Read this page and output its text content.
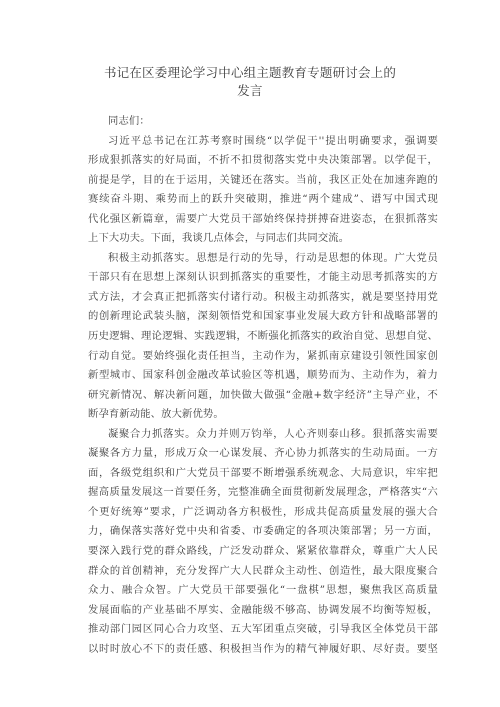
书记在区委理论学习中心组主题教育专题研讨会上的
发言
同志们：
习近平总书记在江苏考察时围绕“以学促干''提出明确要求，强调要
形成狠抓落实的好局面，不折不扣贯彻落实党中央决策部署。以学促干，
前提是学，目的在于运用，关键还在落实。当前，我区正处在加速奔跑的
赛续奋斗期、乘势而上的跃升突破期，推进“两个建成”、谱写中国式现
代化强区新篇章，需要广大党员干部始终保持拼搏奋进姿态，在狠抓落实
上下大功夫。下面，我谈几点体会，与同志们共同交流。
积极主动抓落实。思想是行动的先导，行动是思想的体现。广大党员
干部只有在思想上深刻认识到抓落实的重要性，才能主动思考抓落实的方
式方法，才会真正把抓落实付诸行动。积极主动抓落实，就是要坚持用党
的创新理论武装头脑，深刻领悟党和国家事业发展大政方针和战略部署的
历史逻辑、理论逻辑、实践逻辑，不断强化抓落实的政治自觉、思想自觉、
行动自觉。要始终强化责任担当，主动作为，紧抓南京建设引领性国家创
新型城市、国家科创金融改革试验区等机遇，顺势而为、主动作为，着力
研究新情况、解决新问题，加快做大做强“金融+数字经济”主导产业，不
断孕育新动能、放大新优势。
凝聚合力抓落实。众力并则万钧举，人心齐则泰山移。狠抓落实需要
凝聚各方力量，形成万众一心谋发展、齐心协力抓落实的生动局面。一方
面，各级党组织和广大党员干部要不断增强系统观念、大局意识，牢牢把
握高质量发展这一首要任务，完整准确全面贯彻新发展理念，严格落实“六
个更好统筹”要求，广泛调动各方积极性，形成共促高质量发展的强大合
力，确保落实落好党中央和省委、市委确定的各项决策部署；另一方面，
要深入践行党的群众路线，广泛发动群众、紧紧依靠群众，尊重广大人民
群众的首创精神，充分发挥广大人民群众主动性、创造性，最大限度聚合
众力、融合众智。广大党员干部要强化“一盘棋”思想，聚焦我区高质量
发展面临的产业基础不厚实、金融能级不够高、协调发展不均衡等短板，
推动部门园区同心合力攻坚、五大军团重点突破，引导我区全体党员干部
以时时放心不下的责任感、积极担当作为的精气神履好职、尽好责。要坚
